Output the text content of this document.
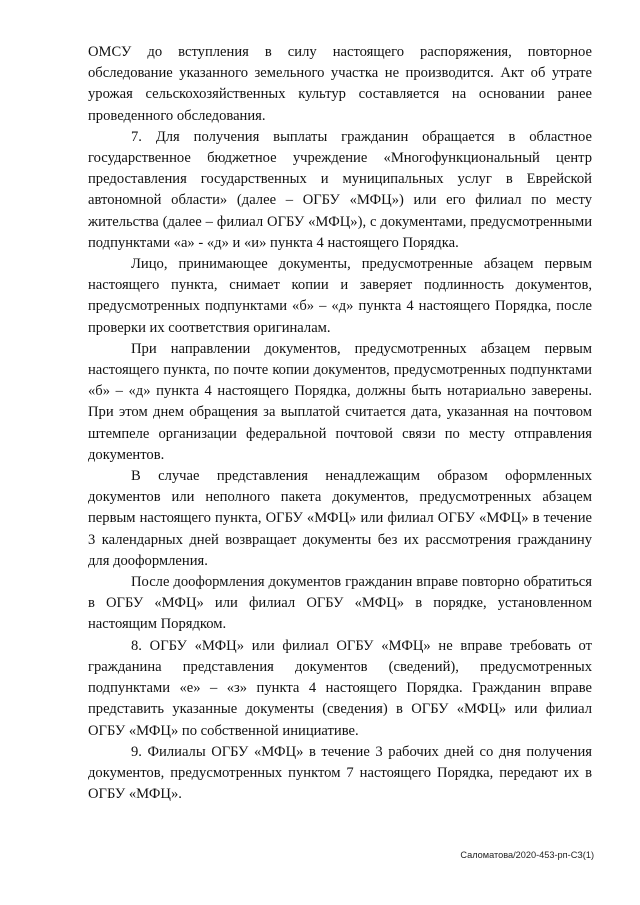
ОМСУ до вступления в силу настоящего распоряжения, повторное обследование указанного земельного участка не производится. Акт об утрате урожая сельскохозяйственных культур составляется на основании ранее проведенного обследования.

7. Для получения выплаты гражданин обращается в областное государственное бюджетное учреждение «Многофункциональный центр предоставления государственных и муниципальных услуг в Еврейской автономной области» (далее – ОГБУ «МФЦ») или его филиал по месту жительства (далее – филиал ОГБУ «МФЦ»), с документами, предусмотренными подпунктами «а» - «д» и «и» пункта 4 настоящего Порядка.

Лицо, принимающее документы, предусмотренные абзацем первым настоящего пункта, снимает копии и заверяет подлинность документов, предусмотренных подпунктами «б» – «д» пункта 4 настоящего Порядка, после проверки их соответствия оригиналам.

При направлении документов, предусмотренных абзацем первым настоящего пункта, по почте копии документов, предусмотренных подпунктами «б» – «д» пункта 4 настоящего Порядка, должны быть нотариально заверены. При этом днем обращения за выплатой считается дата, указанная на почтовом штемпеле организации федеральной почтовой связи по месту отправления документов.

В случае представления ненадлежащим образом оформленных документов или неполного пакета документов, предусмотренных абзацем первым настоящего пункта, ОГБУ «МФЦ» или филиал ОГБУ «МФЦ» в течение 3 календарных дней возвращает документы без их рассмотрения гражданину для дооформления.

После дооформления документов гражданин вправе повторно обратиться в ОГБУ «МФЦ» или филиал ОГБУ «МФЦ» в порядке, установленном настоящим Порядком.

8. ОГБУ «МФЦ» или филиал ОГБУ «МФЦ» не вправе требовать от гражданина представления документов (сведений), предусмотренных подпунктами «е» – «з» пункта 4 настоящего Порядка. Гражданин вправе представить указанные документы (сведения) в ОГБУ «МФЦ» или филиал ОГБУ «МФЦ» по собственной инициативе.

9. Филиалы ОГБУ «МФЦ» в течение 3 рабочих дней со дня получения документов, предусмотренных пунктом 7 настоящего Порядка, передают их в ОГБУ «МФЦ».

Саломатова/2020-453-рп-СЗ(1)
